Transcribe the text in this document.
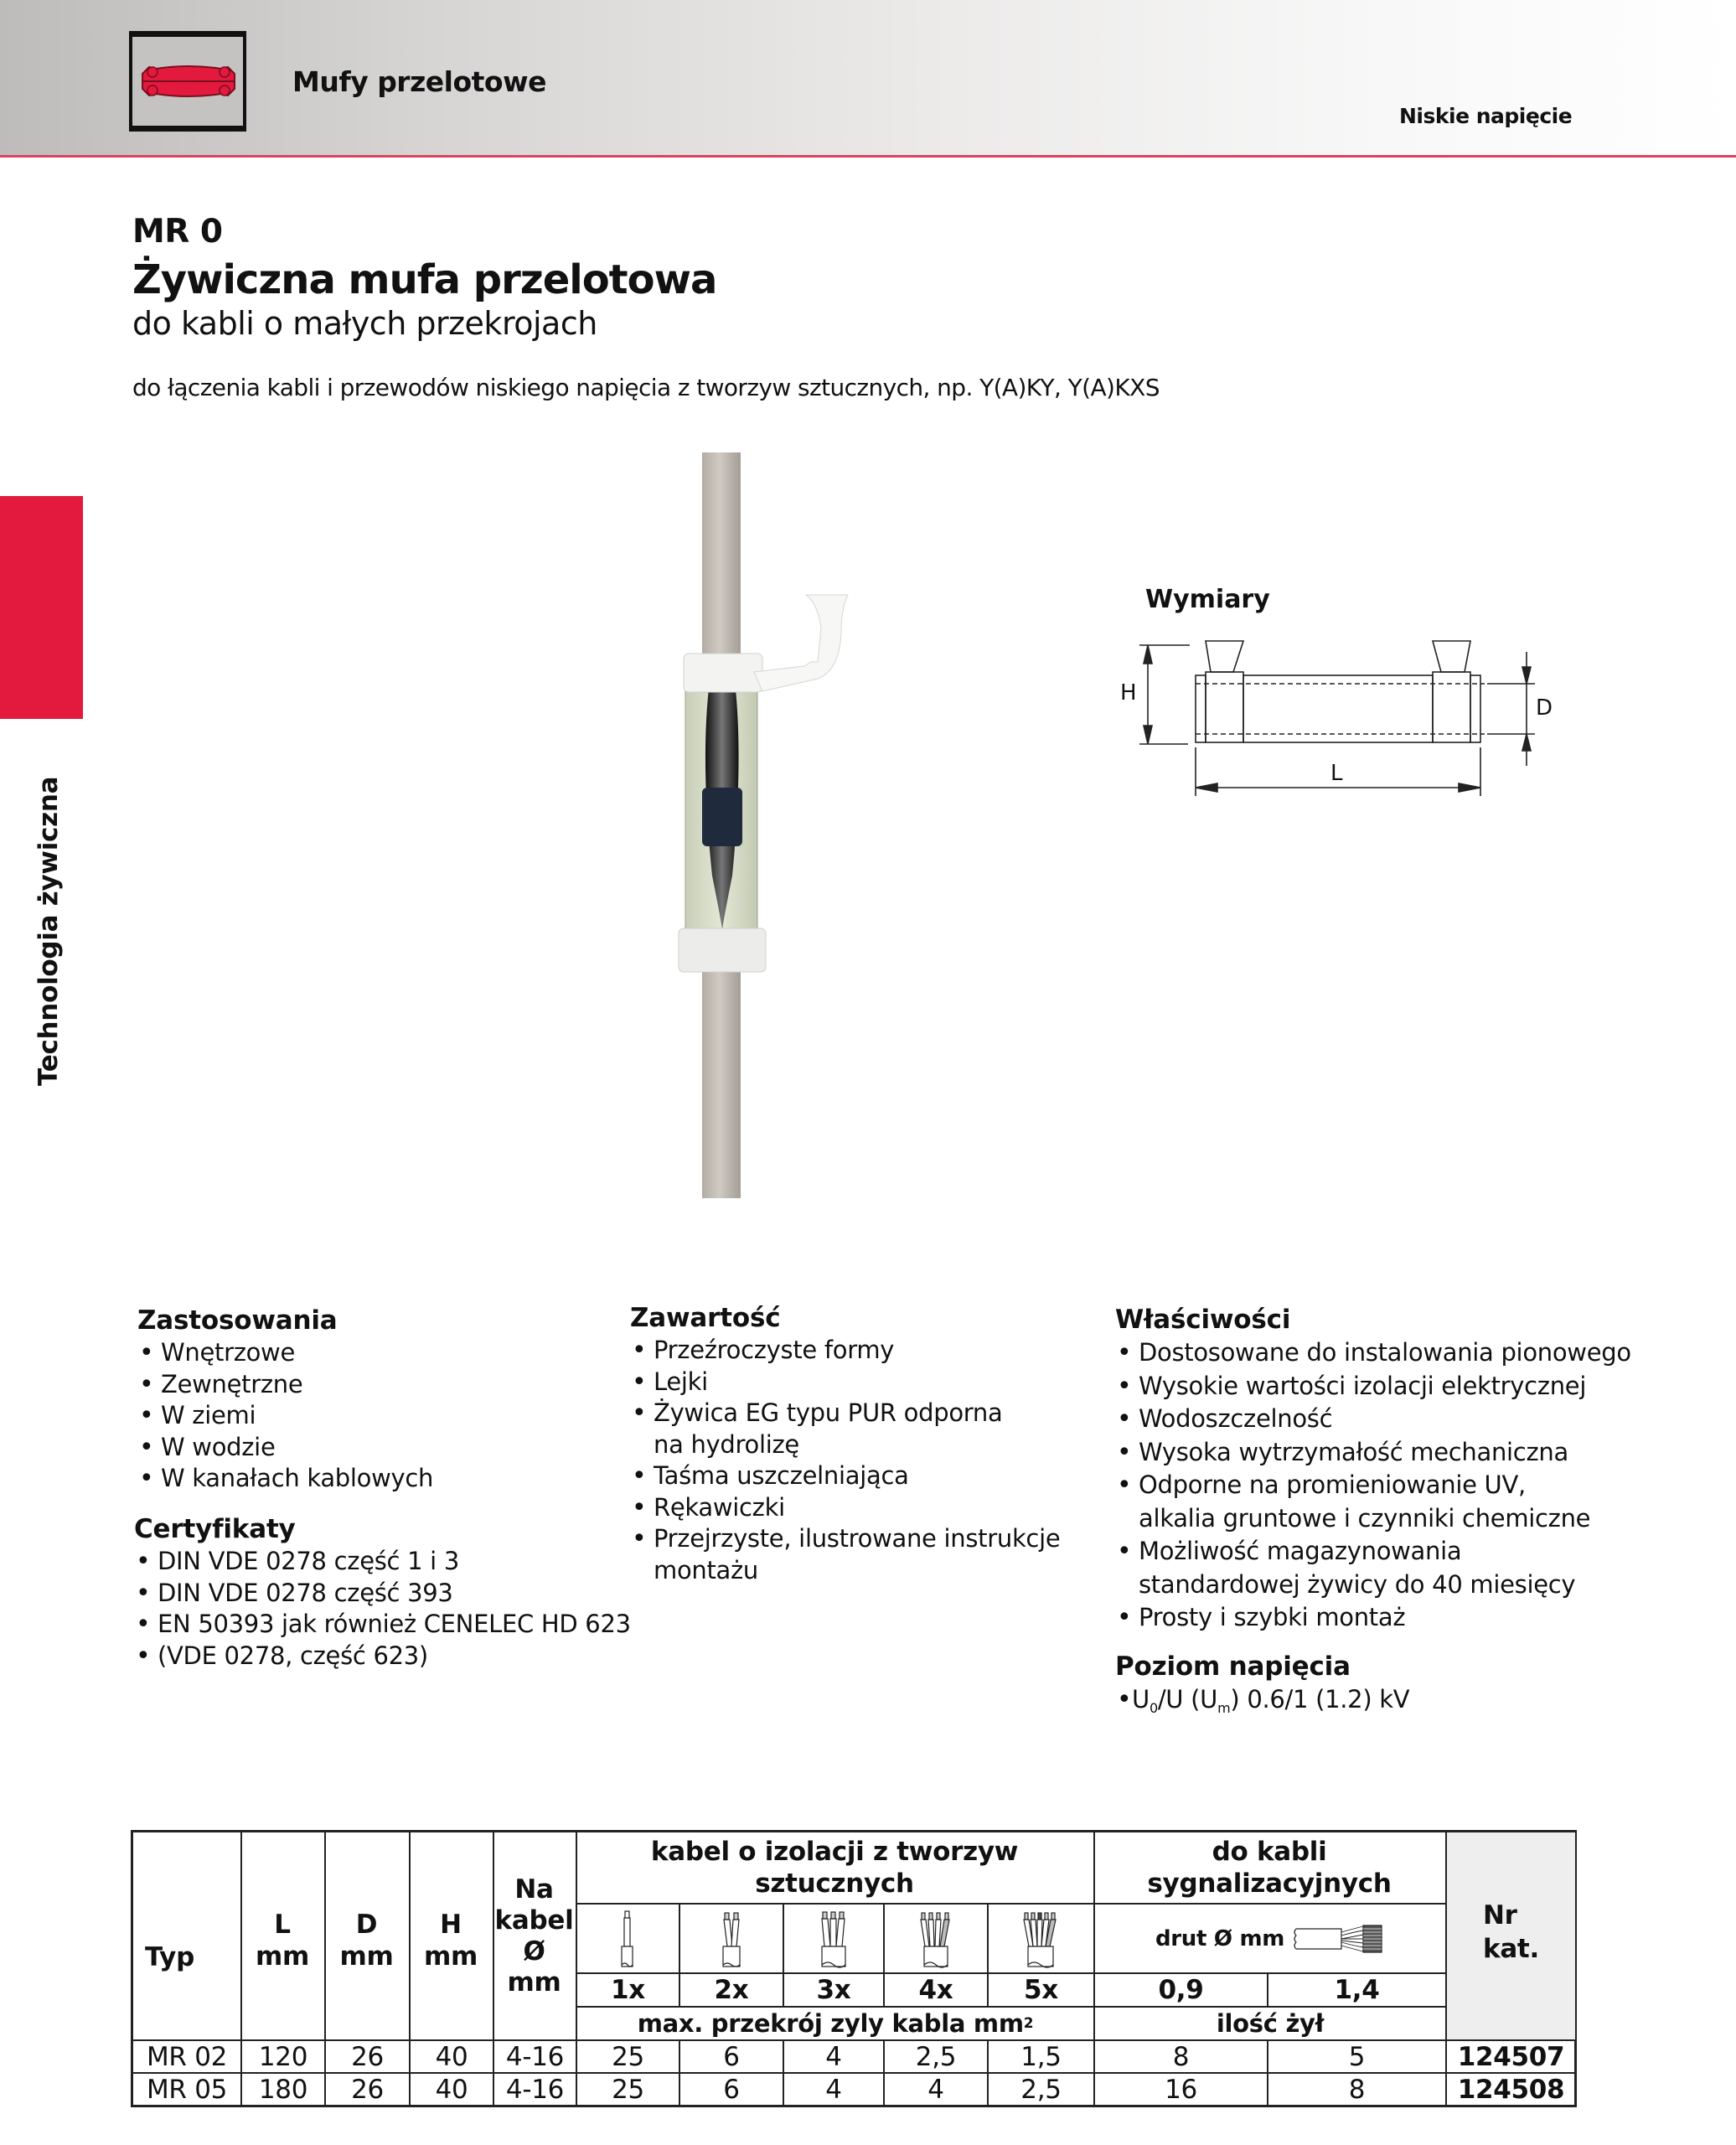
Mufy przelotowe
Niskie napięcie
Technologia żywiczna
MR 0
Żywiczna mufa przelotowa
do kabli o małych przekrojach
do łączenia kabli i przewodów niskiego napięcia z tworzyw sztucznych, np. Y(A)KY, Y(A)KXS
Wymiary
H
D
L
Zastosowania
• Wnętrzowe
• Zewnętrzne
• W ziemi
• W wodzie
• W kanałach kablowych
Certyfikaty
• DIN VDE 0278 część 1 i 3
• DIN VDE 0278 część 393
• EN 50393 jak również CENELEC HD 623
• (VDE 0278, część 623)
Zawartość
• Przeźroczyste formy
• Lejki
• Żywica EG typu PUR odporna
na hydrolizę
• Taśma uszczelniająca
• Rękawiczki
• Przejrzyste, ilustrowane instrukcje
montażu
Właściwości
• Dostosowane do instalowania pionowego
• Wysokie wartości izolacji elektrycznej
• Wodoszczelność
• Wysoka wytrzymałość mechaniczna
• Odporne na promieniowanie UV,
alkalia gruntowe i czynniki chemiczne
• Możliwość magazynowania
standardowej żywicy do 40 miesięcy
• Prosty i szybki montaż
Poziom napięcia
• $U_0/U$ $(U_m)$ 0.6/1 (1.2) kV
Typ
L
mm
D
mm
H
mm
Na
kabel
Ø
mm
kabel o izolacji z tworzyw
sztucznych
do kabli
sygnalizacyjnych
Nr
kat.
drut Ø mm
1x	2x	3x	4x	5x	0,9	1,4
max. przekrój zyly kabla mm 2	ilość żył
MR 02	120	26	40	4-16	25	6	4	2,5	1,5	8	5	124507
MR 05	180	26	40	4-16	25	6	4	4	2,5	16	8	124508
